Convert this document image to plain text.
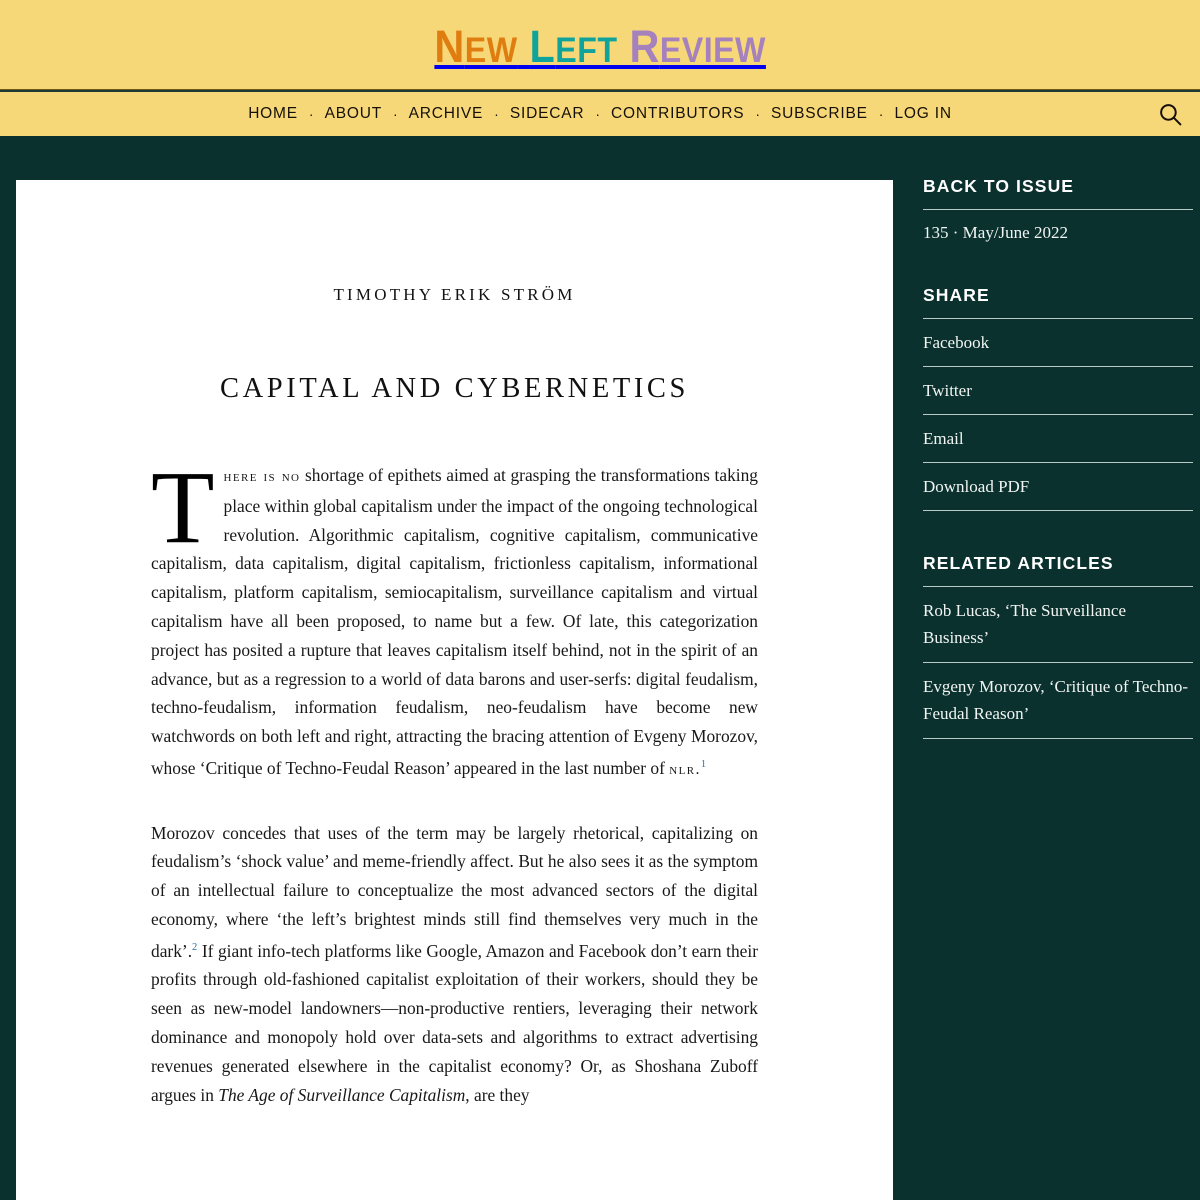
NEW LEFT REVIEW
HOME · ABOUT · ARCHIVE · SIDECAR · CONTRIBUTORS · SUBSCRIBE · LOG IN
TIMOTHY ERIK STRÖM
CAPITAL AND CYBERNETICS

There is no shortage of epithets aimed at grasping the transformations taking place within global capitalism under the impact of the ongoing technological revolution. Algorithmic capitalism, cognitive capitalism, communicative capitalism, data capitalism, digital capitalism, frictionless capitalism, informational capitalism, platform capitalism, semiocapitalism, surveillance capitalism and virtual capitalism have all been proposed, to name but a few. Of late, this categorization project has posited a rupture that leaves capitalism itself behind, not in the spirit of an advance, but as a regression to a world of data barons and user-serfs: digital feudalism, techno-feudalism, information feudalism, neo-feudalism have become new watchwords on both left and right, attracting the bracing attention of Evgeny Morozov, whose ‘Critique of Techno-Feudal Reason’ appeared in the last number of nlr.$^1$

Morozov concedes that uses of the term may be largely rhetorical, capitalizing on feudalism’s ‘shock value’ and meme-friendly affect. But he also sees it as the symptom of an intellectual failure to conceptualize the most advanced sectors of the digital economy, where ‘the left’s brightest minds still find themselves very much in the dark’.$^2$ If giant info-tech platforms like Google, Amazon and Facebook don’t earn their profits through old-fashioned capitalist exploitation of their workers, should they be seen as new-model landowners—non-productive rentiers, leveraging their network dominance and monopoly hold over data-sets and algorithms to extract advertising revenues generated elsewhere in the capitalist economy? Or, as Shoshana Zuboff argues in The Age of Surveillance Capitalism, are they

BACK TO ISSUE
135 · May/June 2022
SHARE
Facebook
Twitter
Email
Download PDF
RELATED ARTICLES
Rob Lucas, ‘The Surveillance Business’
Evgeny Morozov, ‘Critique of Techno-Feudal Reason’
